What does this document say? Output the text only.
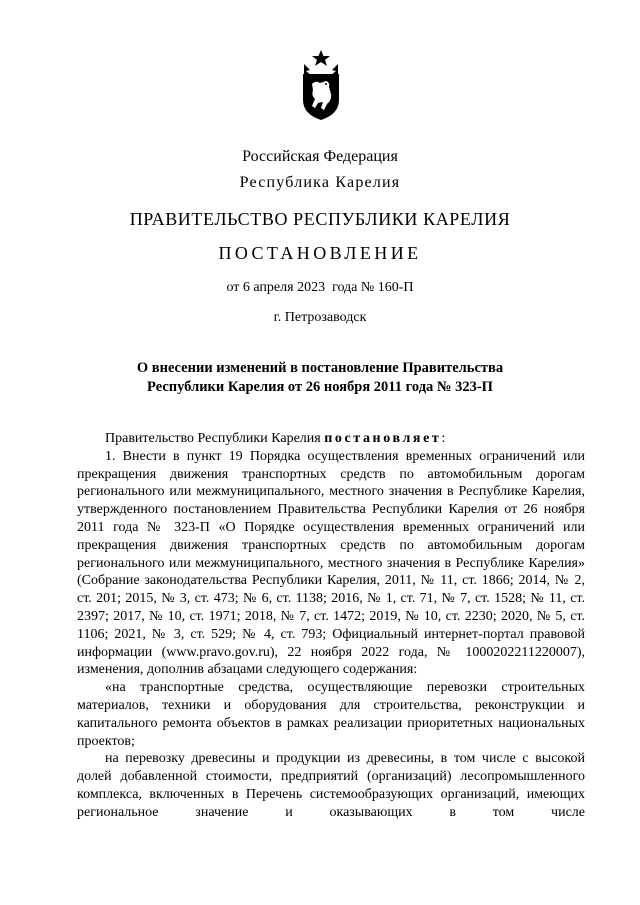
Российская Федерация
Республика Карелия
ПРАВИТЕЛЬСТВО РЕСПУБЛИКИ КАРЕЛИЯ
ПОСТАНОВЛЕНИЕ
от 6 апреля 2023  года № 160-П
г. Петрозаводск
О внесении изменений в постановление Правительства
Республики Карелия от 26 ноября 2011 года № 323-П

Правительство Республики Карелия постановляет:

1. Внести в пункт 19 Порядка осуществления временных ограничений или прекращения движения транспортных средств по автомобильным дорогам регионального или межмуниципального, местного значения в Республике Карелия, утвержденного постановлением Правительства Республики Карелия от 26 ноября 2011 года № 323-П «О Порядке осуществления временных ограничений или прекращения движения транспортных средств по автомобильным дорогам регионального или межмуниципального, местного значения в Республике Карелия» (Собрание законодательства Республики Карелия, 2011, № 11, ст. 1866; 2014, № 2, ст. 201; 2015, № 3, ст. 473; № 6, ст. 1138; 2016, № 1, ст. 71, № 7, ст. 1528; № 11, ст. 2397; 2017, № 10, ст. 1971; 2018, № 7, ст. 1472; 2019, № 10, ст. 2230; 2020, № 5, ст. 1106; 2021, № 3, ст. 529; № 4, ст. 793; Официальный интернет-портал правовой информации (www.pravo.gov.ru), 22 ноября 2022 года, № 1000202211220007), изменения, дополнив абзацами следующего содержания:

«на транспортные средства, осуществляющие перевозки строительных материалов, техники и оборудования для строительства, реконструкции и капитального ремонта объектов в рамках реализации приоритетных национальных проектов;

на перевозку древесины и продукции из древесины, в том числе с высокой долей добавленной стоимости, предприятий (организаций) лесопромышленного комплекса, включенных в Перечень системообразующих организаций, имеющих региональное значение и оказывающих в том числе
